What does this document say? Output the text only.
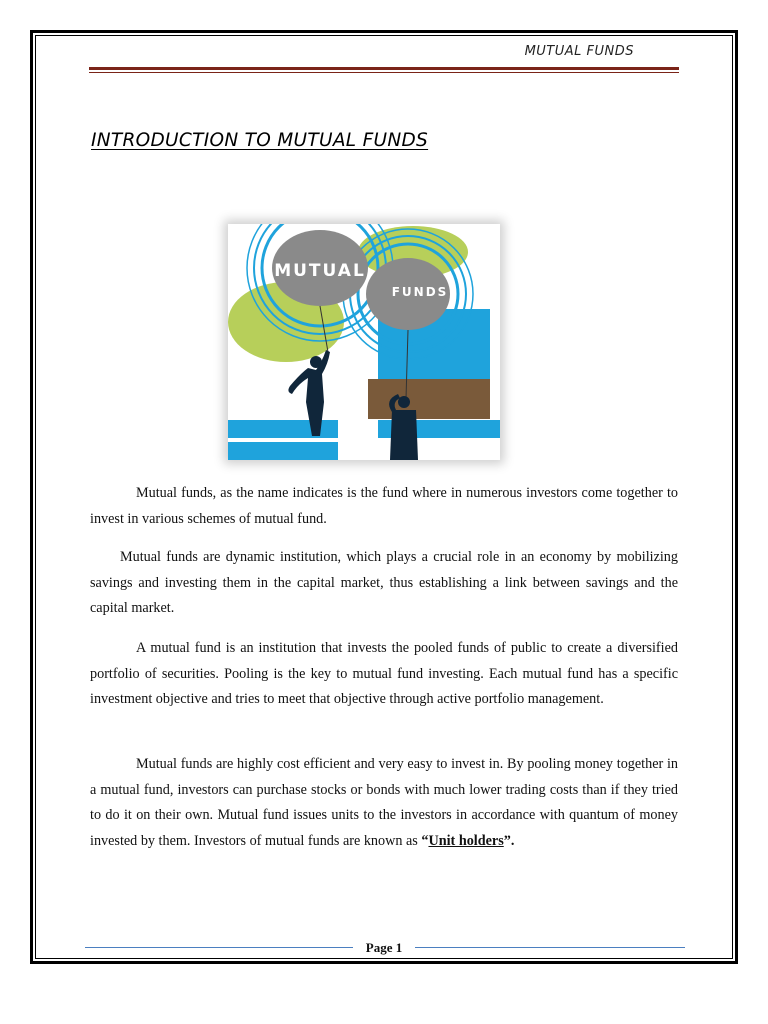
MUTUAL FUNDS
INTRODUCTION TO MUTUAL FUNDS
MUTUAL
FUNDS

Mutual funds, as the name indicates is the fund where in numerous investors come together to invest in various schemes of mutual fund.

Mutual funds are dynamic institution, which plays a crucial role in an economy by mobilizing savings and investing them in the capital market, thus establishing a link between savings and the capital market.

A mutual fund is an institution that invests the pooled funds of public to create a diversified portfolio of securities. Pooling is the key to mutual fund investing. Each mutual fund has a specific investment objective and tries to meet that objective through active portfolio management.

Mutual funds are highly cost efficient and very easy to invest in. By pooling money together in a mutual fund, investors can purchase stocks or bonds with much lower trading costs than if they tried to do it on their own. Mutual fund issues units to the investors in accordance with quantum of money invested by them. Investors of mutual funds are known as “Unit holders”.

Page 1
